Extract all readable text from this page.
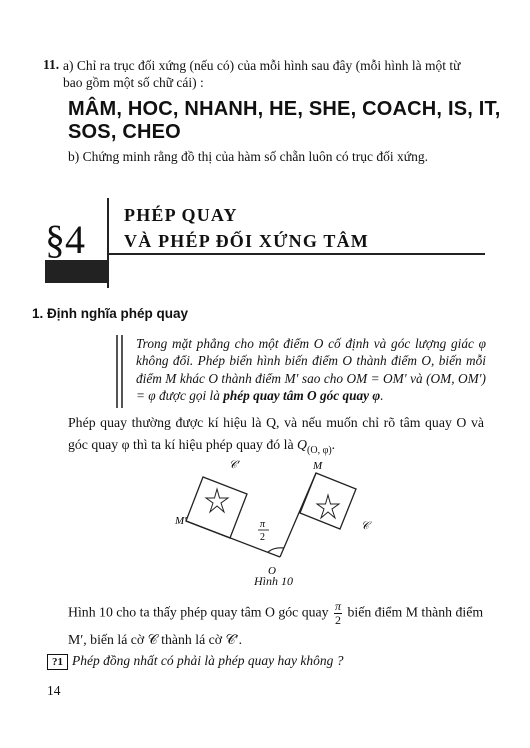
11. a) Chỉ ra trục đối xứng (nếu có) của mỗi hình sau đây (mỗi hình là một từ
bao gồm một số chữ cái) :
MÂM, HOC, NHANH, HE, SHE, COACH, IS, IT,
SOS, CHEO
b) Chứng minh rằng đồ thị của hàm số chẵn luôn có trục đối xứng.
§4
PHÉP QUAY
VÀ PHÉP ĐỐI XỨNG TÂM
1. Định nghĩa phép quay
Trong mặt phẳng cho một điểm O cố định và góc lượng giác φ không đổi. Phép biến hình biến điểm O thành điểm O, biến mỗi điểm M khác O thành điểm M′ sao cho OM = OM′ và (OM, OM′) = φ được gọi là phép quay tâm O góc quay φ.
Phép quay thường được kí hiệu là Q, và nếu muốn chỉ rõ tâm quay O và góc quay φ thì ta kí hiệu phép quay đó là $Q_{(O, \varphi)}$.
𝒞′	M
M′	𝒞
O
π
2
Hình 10
Hình 10 cho ta thấy phép quay tâm O góc quay $\frac{\pi}{2}$ biến điểm M thành điểm
M′, biến lá cờ 𝒞 thành lá cờ 𝒞′.
?1 Phép đồng nhất có phải là phép quay hay không ?
14
